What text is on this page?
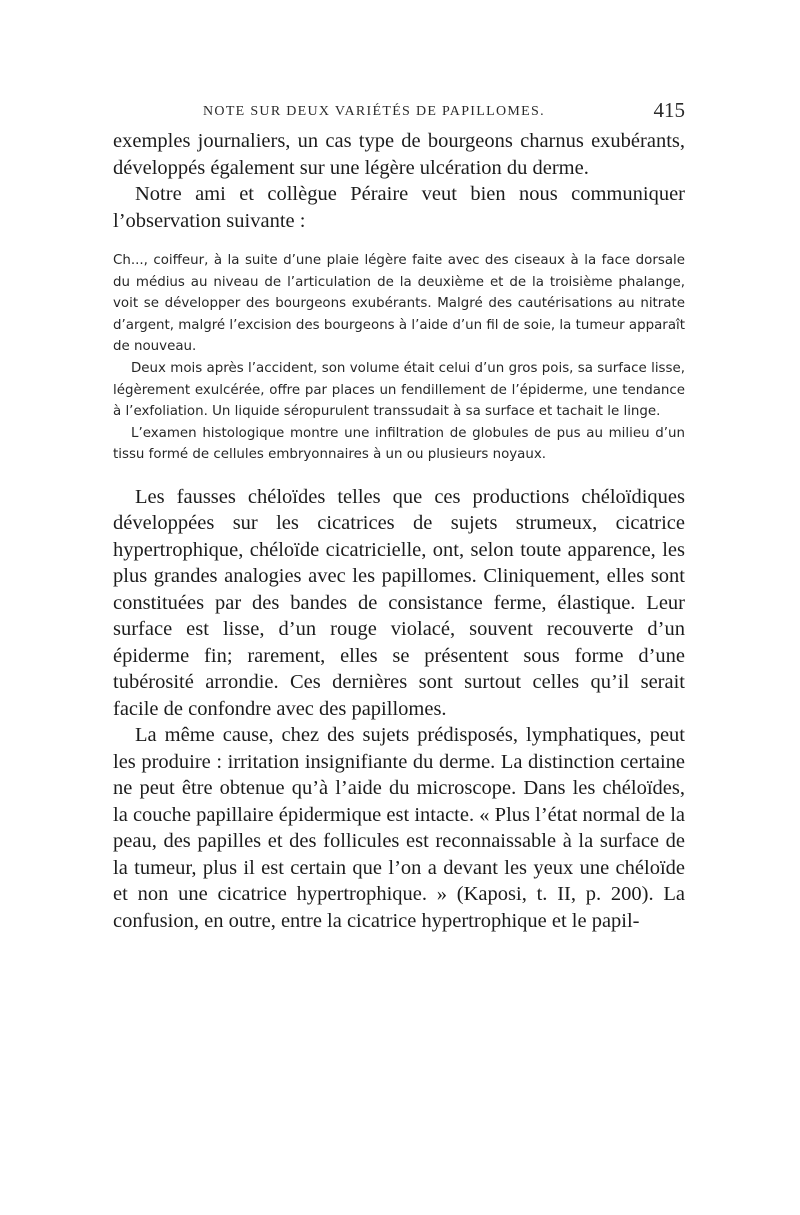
NOTE SUR DEUX VARIÉTÉS DE PAPILLOMES.	415

exemples journaliers, un cas type de bourgeons charnus exubérants, développés également sur une légère ulcération du derme.

Notre ami et collègue Péraire veut bien nous communiquer l’observation suivante :

Ch..., coiffeur, à la suite d’une plaie légère faite avec des ciseaux à la face dorsale du médius au niveau de l’articulation de la deuxième et de la troisième phalange, voit se développer des bourgeons exubérants. Malgré des cautérisations au nitrate d’argent, malgré l’excision des bourgeons à l’aide d’un fil de soie, la tumeur apparaît de nouveau.

Deux mois après l’accident, son volume était celui d’un gros pois, sa surface lisse, légèrement exulcérée, offre par places un fendillement de l’épiderme, une tendance à l’exfoliation. Un liquide séropurulent transsudait à sa surface et tachait le linge.

L’examen histologique montre une infiltration de globules de pus au milieu d’un tissu formé de cellules embryonnaires à un ou plusieurs noyaux.

Les fausses chéloïdes telles que ces productions chéloïdiques développées sur les cicatrices de sujets strumeux, cicatrice hypertrophique, chéloïde cicatricielle, ont, selon toute apparence, les plus grandes analogies avec les papillomes. Cliniquement, elles sont constituées par des bandes de consistance ferme, élastique. Leur surface est lisse, d’un rouge violacé, souvent recouverte d’un épiderme fin; rarement, elles se présentent sous forme d’une tubérosité arrondie. Ces dernières sont surtout celles qu’il serait facile de confondre avec des papillomes.

La même cause, chez des sujets prédisposés, lymphatiques, peut les produire : irritation insignifiante du derme. La distinction certaine ne peut être obtenue qu’à l’aide du microscope. Dans les chéloïdes, la couche papillaire épidermique est intacte. « Plus l’état normal de la peau, des papilles et des follicules est reconnaissable à la surface de la tumeur, plus il est certain que l’on a devant les yeux une chéloïde et non une cicatrice hypertrophique. » (Kaposi, t. II, p. 200). La confusion, en outre, entre la cicatrice hypertrophique et le papil-
